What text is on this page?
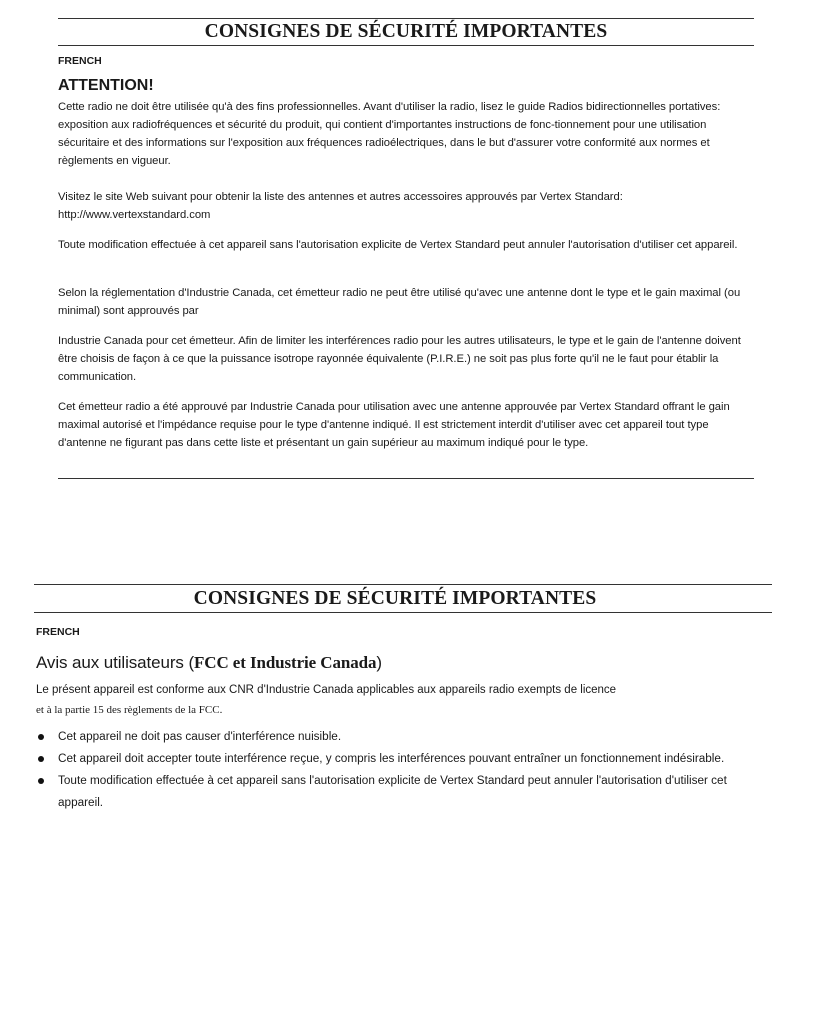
CONSIGNES DE SÉCURITÉ IMPORTANTES
FRENCH
ATTENTION!

Cette radio ne doit être utilisée qu'à des fins professionnelles. Avant d'utiliser la radio, lisez le guide Radios bidirectionnelles portatives: exposition aux radiofréquences et sécurité du produit, qui contient d'importantes instructions de fonc-tionnement pour une utilisation sécuritaire et des informations sur l'exposition aux fréquences radioélectriques, dans le but d'assurer votre conformité aux normes et règlements en vigueur.

Visitez le site Web suivant pour obtenir la liste des antennes et autres accessoires approuvés par Vertex Standard: http://www.vertexstandard.com

Toute modification effectuée à cet appareil sans l'autorisation explicite de Vertex Standard peut annuler l'autorisation d'utiliser cet appareil.

Selon la réglementation d'Industrie Canada, cet émetteur radio ne peut être utilisé qu'avec une antenne dont le type et le gain maximal (ou minimal) sont approuvés par

Industrie Canada pour cet émetteur. Afin de limiter les interférences radio pour les autres utilisateurs, le type et le gain de l'antenne doivent être choisis de façon à ce que la puissance isotrope rayonnée équivalente (P.I.R.E.) ne soit pas plus forte qu'il ne le faut pour établir la communication.

Cet émetteur radio a été approuvé par Industrie Canada pour utilisation avec une antenne approuvée par Vertex Standard offrant le gain maximal autorisé et l'impédance requise pour le type d'antenne indiqué. Il est strictement interdit d'utiliser avec cet appareil tout type d'antenne ne figurant pas dans cette liste et présentant un gain supérieur au maximum indiqué pour le type.

CONSIGNES DE SÉCURITÉ IMPORTANTES
FRENCH
Avis aux utilisateurs (FCC et Industrie Canada)
Le présent appareil est conforme aux CNR d'Industrie Canada applicables aux appareils radio exempts de licence
et à la partie 15 des règlements de la FCC.
Cet appareil ne doit pas causer d'interférence nuisible.
Cet appareil doit accepter toute interférence reçue, y compris les interférences pouvant entraîner un fonctionnement indésirable.
Toute modification effectuée à cet appareil sans l'autorisation explicite de Vertex Standard peut annuler l'autorisation d'utiliser cet appareil.
